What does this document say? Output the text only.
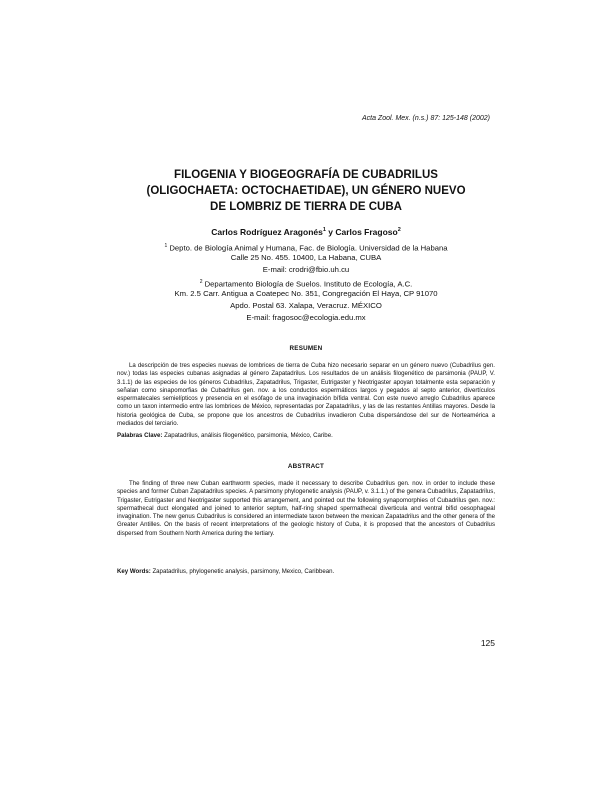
Acta Zool. Mex. (n.s.) 87: 125-148 (2002)
FILOGENIA Y BIOGEOGRAFÍA DE CUBADRILUS
(OLIGOCHAETA: OCTOCHAETIDAE), UN GÉNERO NUEVO
DE LOMBRIZ DE TIERRA DE CUBA
Carlos Rodríguez Aragonés$^1$ y Carlos Fragoso$^2$
$^1$ Depto. de Biología Animal y Humana, Fac. de Biología. Universidad de la Habana
Calle 25 No. 455. 10400, La Habana, CUBA
E-mail: crodri@fbio.uh.cu
$^2$ Departamento Biología de Suelos. Instituto de Ecología, A.C.
Km. 2.5 Carr. Antigua a Coatepec No. 351, Congregación El Haya, CP 91070
Apdo. Postal 63. Xalapa, Veracruz. MÉXICO
E-mail: fragosoc@ecologia.edu.mx
RESUMEN
La descripción de tres especies nuevas de lombrices de tierra de Cuba hizo necesario separar en un género nuevo (Cubadrilus gen. nov.) todas las especies cubanas asignadas al género Zapatadrilus. Los resultados de un análisis filogenético de parsimonia (PAUP, V. 3.1.1) de las especies de los géneros Cubadrilus, Zapatadrilus, Trigaster, Eutrigaster y Neotrigaster apoyan totalmente esta separación y señalan como sinapomorfias de Cubadrilus gen. nov. a los conductos espermáticos largos y pegados al septo anterior, divertículos espermatecales semielípticos y presencia en el esófago de una invaginación bífida ventral. Con este nuevo arreglo Cubadrilus aparece como un taxon intermedio entre las lombrices de México, representadas por Zapatadrilus, y las de las restantes Antillas mayores. Desde la historia geológica de Cuba, se propone que los ancestros de Cubadrilus invadieron Cuba dispersándose del sur de Norteamérica a mediados del terciario.
Palabras Clave: Zapatadrilus, análisis filogenético, parsimonia, México, Caribe.
ABSTRACT
The finding of three new Cuban earthworm species, made it necessary to describe Cubadrilus gen. nov. in order to include these species and former Cuban Zapatadrilus species. A parsimony phylogenetic analysis (PAUP, v. 3.1.1.) of the genera Cubadrilus, Zapatadrilus, Trigaster, Eutrigaster and Neotrigaster supported this arrangement, and pointed out the following synapomorphies of Cubadrilus gen. nov.: spermathecal duct elongated and joined to anterior septum, half-ring shaped spermathecal diverticula and ventral bifid oesophageal invagination. The new genus Cubadrilus is considered an intermediate taxon between the mexican Zapatadrilus and the other genera of the Greater Antilles. On the basis of recent interpretations of the geologic history of Cuba, it is proposed that the ancestors of Cubadrilus dispersed from Southern North America during the tertiary.
Key Words: Zapatadrilus, phylogenetic analysis, parsimony, Mexico, Caribbean.
125
